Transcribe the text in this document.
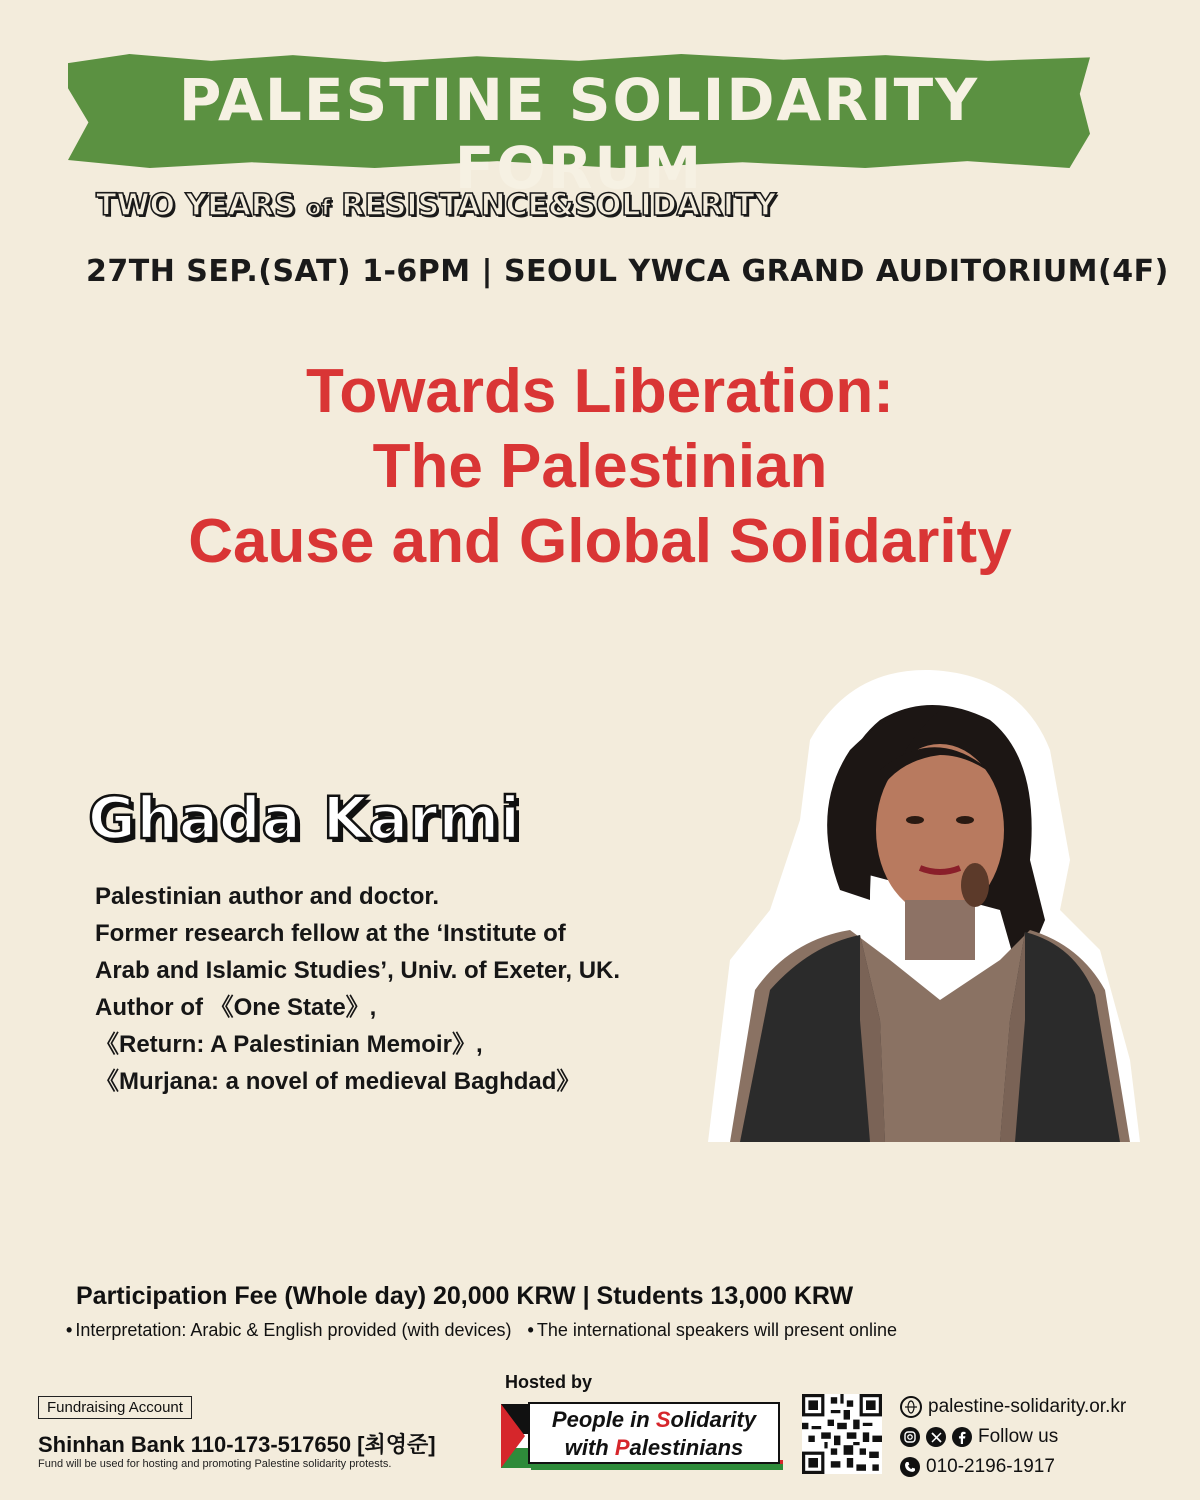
PALESTINE SOLIDARITY FORUM
TWO YEARS of RESISTANCE&SOLIDARITY
27TH SEP.(SAT) 1-6PM | SEOUL YWCA GRAND AUDITORIUM(4F)
Towards Liberation:
The Palestinian
Cause and Global Solidarity
Ghada Karmi
Palestinian author and doctor.
Former research fellow at the ‘Institute of
Arab and Islamic Studies’, Univ. of Exeter, UK.
Author of 《One State》,
《Return: A Palestinian Memoir》,
《Murjana: a novel of medieval Baghdad》
Participation Fee (Whole day) 20,000 KRW | Students 13,000 KRW
• Interpretation: Arabic & English provided (with devices) • The international speakers will present online
Fundraising Account
Shinhan Bank 110-173-517650 [최영준]
Fund will be used for hosting and promoting Palestine solidarity protests.
Hosted by
People in Solidarity
with Palestinians
palestine-solidarity.or.kr
Follow us
010-2196-1917
